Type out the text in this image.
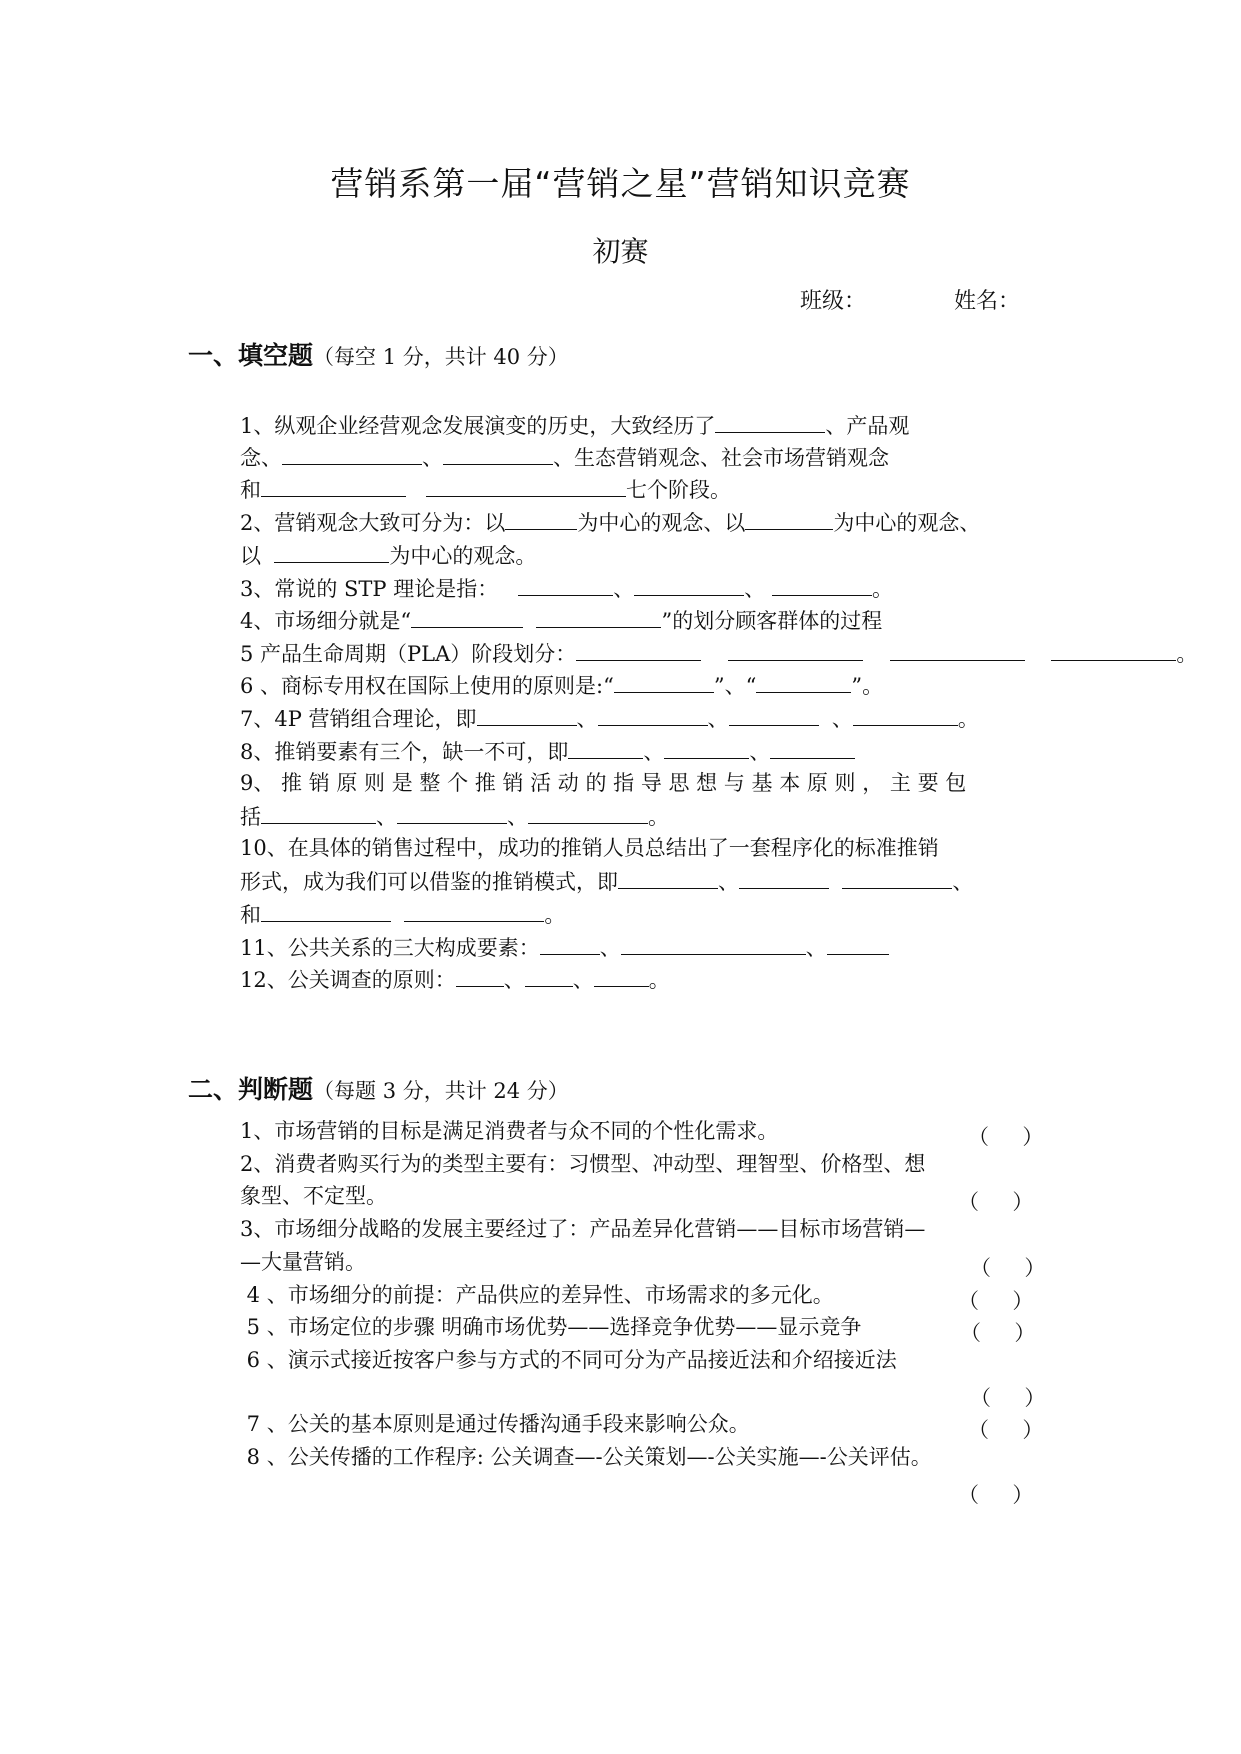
营销系第一届“营销之星”营销知识竞赛
初赛
班级：	姓名：
一、填空题（每空 1 分，共计 40 分）
1、纵观企业经营观念发展演变的历史，大致经历了	、产品观
念、	、	、生态营销观念、社会市场营销观念
和	七个阶段。
2、营销观念大致可分为：以	为中心的观念、以	为中心的观念、
以	为中心的观念。
3、常说的 STP 理论是指：	、	、	。
4、市场细分就是“	”的划分顾客群体的过程
5 产品生命周期（PLA）阶段划分：	。
6 、商标专用权在国际上使用的原则是:“	”、“	”。
7、4P 营销组合理论，即	、	、	、	。
8、推销要素有三个，缺一不可，即	、	、
9、 推 销 原 则 是 整 个 推 销 活 动 的 指 导 思 想 与 基 本 原 则 ， 主 要 包
括	、	、	。
10、在具体的销售过程中，成功的推销人员总结出了一套程序化的标准推销
形式，成为我们可以借鉴的推销模式，即	、	、
和	。
11、公共关系的三大构成要素：	、	、
12、公关调查的原则： 、 、	。
二、判断题（每题 3 分，共计 24 分）
1、市场营销的目标是满足消费者与众不同的个性化需求。
2、消费者购买行为的类型主要有：习惯型、冲动型、理智型、价格型、想
象型、不定型。
3、市场细分战略的发展主要经过了：产品差异化营销——目标市场营销—
—大量营销。
4 、市场细分的前提：产品供应的差异性、市场需求的多元化。
5 、市场定位的步骤 明确市场优势——选择竞争优势——显示竞争
6 、演示式接近按客户参与方式的不同可分为产品接近法和介绍接近法
7 、公关的基本原则是通过传播沟通手段来影响公众。
8 、公关传播的工作程序: 公关调查—-公关策划—-公关实施—-公关评估。
（     ）
（     ）
（     ）
（     ）
（     ）
（     ）
（     ）
（     ）
